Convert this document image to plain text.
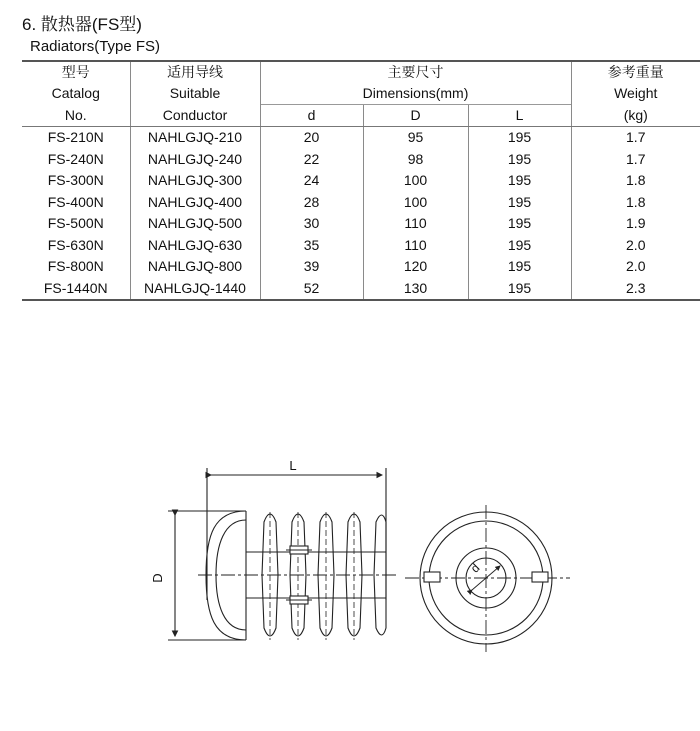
6. 散热器(FS型)
Radiators(Type FS)
型号	适用导线	主要尺寸			参考重量
Catalog	Suitable	Dimensions(mm)			Weight
No.	Conductor	d	D	L	(kg)
FS-210N	NAHLGJQ-210	20	95	195	1.7
FS-240N	NAHLGJQ-240	22	98	195	1.7
FS-300N	NAHLGJQ-300	24	100	195	1.8
FS-400N	NAHLGJQ-400	28	100	195	1.8
FS-500N	NAHLGJQ-500	30	110	195	1.9
FS-630N	NAHLGJQ-630	35	110	195	2.0
FS-800N	NAHLGJQ-800	39	120	195	2.0
FS-1440N	NAHLGJQ-1440	52	130	195	2.3
L
D
d
